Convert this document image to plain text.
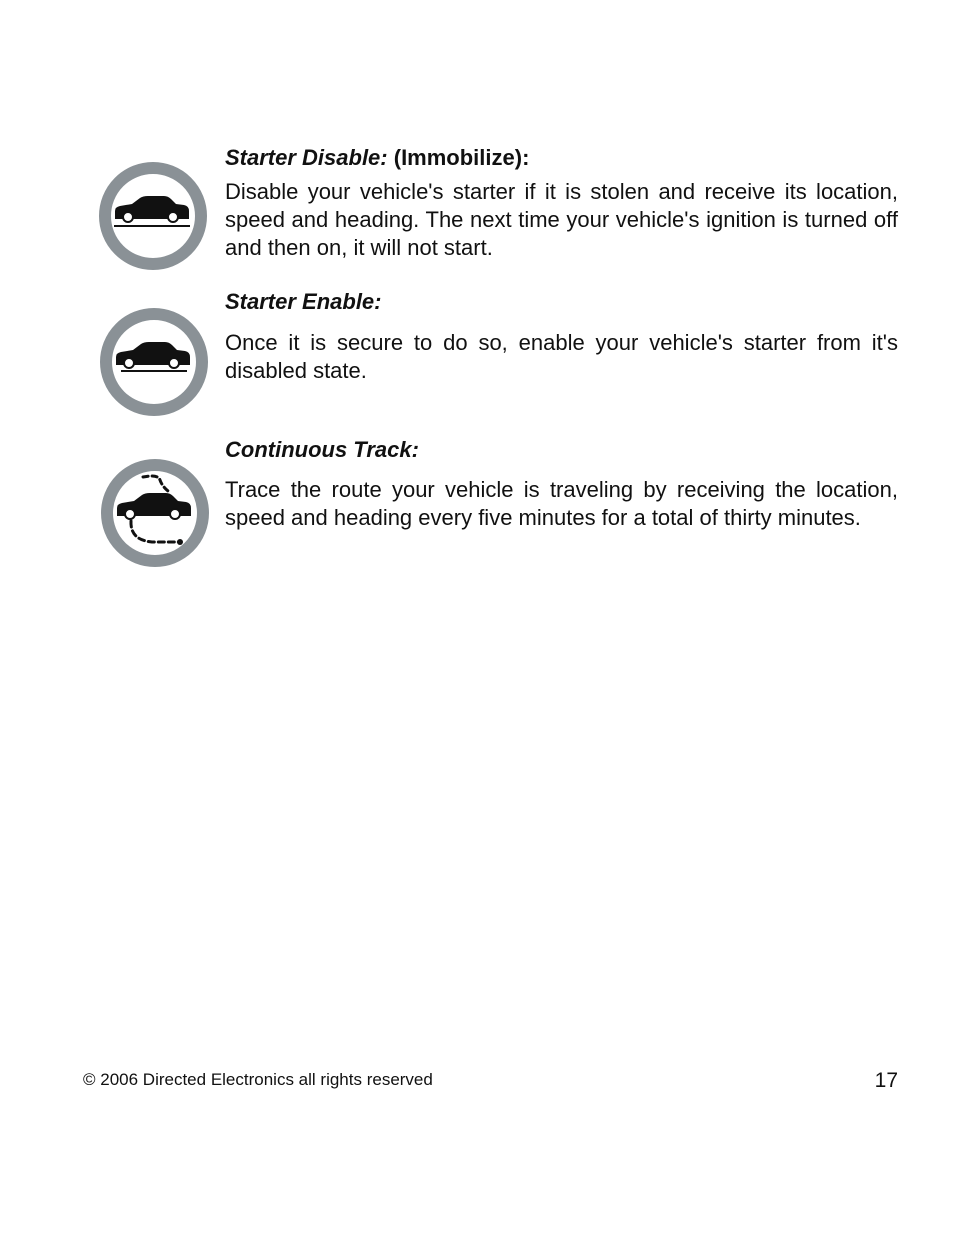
Starter Disable: (Immobilize):

Disable your vehicle's starter if it is stolen and receive its location, speed and heading. The next time your vehicle's ignition is turned off and then on, it will not start.

Starter Enable:

Once it is secure to do so, enable your vehicle's starter from it's disabled state.

Continuous Track:

Trace the route your vehicle is traveling by receiving the location, speed and heading every five minutes for a total of thirty minutes.

© 2006 Directed Electronics all rights reserved	17
